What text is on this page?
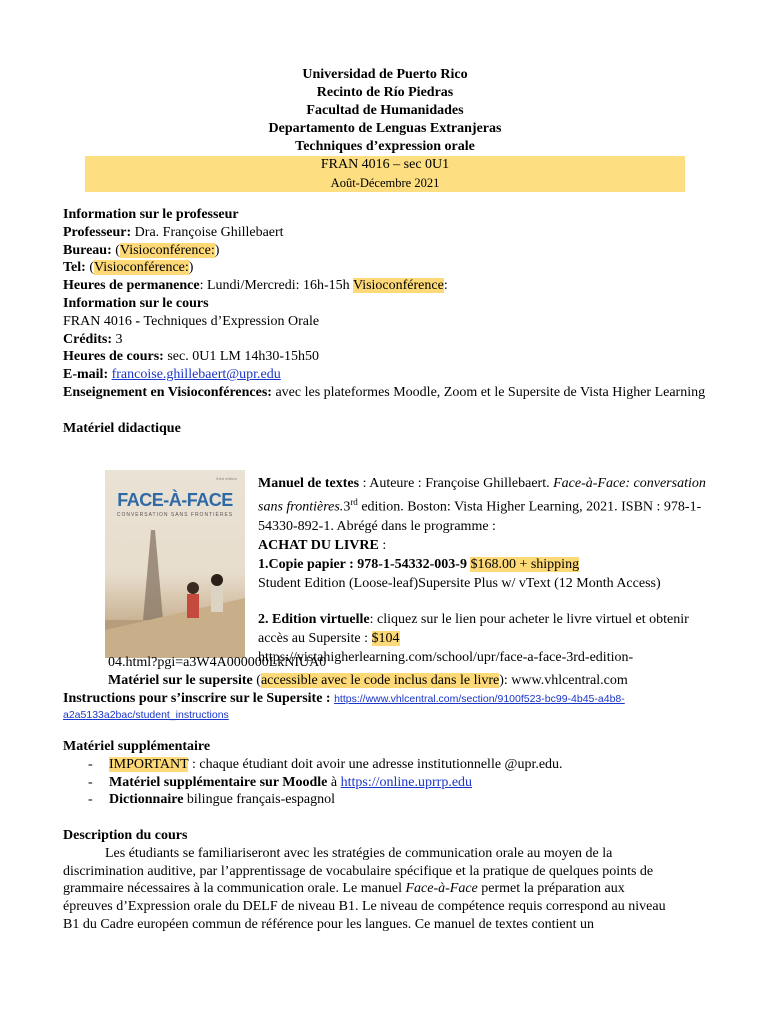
Universidad de Puerto Rico
Recinto de Río Piedras
Facultad de Humanidades
Departamento de Lenguas Extranjeras
Techniques d’expression orale
FRAN 4016 – sec 0U1
Août-Décembre 2021
Information sur le professeur
Professeur: Dra. Françoise Ghillebaert
Bureau: (Visioconférence:)
Tel: (Visioconférence:)
Heures de permanence: Lundi/Mercredi: 16h-15h Visioconférence:
Information sur le cours
FRAN 4016 - Techniques d’Expression Orale
Crédits: 3
Heures de cours: sec. 0U1 LM 14h30-15h50
E-mail: francoise.ghillebaert@upr.edu
Enseignement en Visioconférences: avec les plateformes Moodle, Zoom et le Supersite de Vista Higher Learning
Matériel didactique
third edition
FACE-À-FACE
CONVERSATION SANS FRONTIÈRES
Manuel de textes : Auteure : Françoise Ghillebaert. Face-à-Face: conversation sans frontières.3rd edition. Boston: Vista Higher Learning, 2021. ISBN : 978-1-54330-892-1. Abrégé dans le programme :
ACHAT DU LIVRE :
1.Copie papier : 978-1-54332-003-9 $168.00 + shipping
Student Edition (Loose-leaf)Supersite Plus w/ vText (12 Month Access)
2. Edition virtuelle: cliquez sur le lien pour acheter le livre virtuel et obtenir accès au Supersite : $104
https://vistahigherlearning.com/school/upr/face-a-face-3rd-edition-
04.html?pgi=a3W4A000000LkNIUA0
Matériel sur le supersite (accessible avec le code inclus dans le livre): www.vhlcentral.com
Instructions pour s’inscrire sur le Supersite : https://www.vhlcentral.com/section/9100f523-bc99-4b45-a4b8-
a2a5133a2bac/student_instructions
Matériel supplémentaire
- IMPORTANT : chaque étudiant doit avoir une adresse institutionnelle @upr.edu.
- Matériel supplémentaire sur Moodle à https://online.uprrp.edu
- Dictionnaire bilingue français-espagnol
Description du cours

Les étudiants se familiariseront avec les stratégies de communication orale au moyen de la discrimination auditive, par l’apprentissage de vocabulaire spécifique et la pratique de quelques points de grammaire nécessaires à la communication orale. Le manuel Face-à-Face permet la préparation aux épreuves d’Expression orale du DELF de niveau B1. Le niveau de compétence requis correspond au niveau B1 du Cadre européen commun de référence pour les langues. Ce manuel de textes contient un
